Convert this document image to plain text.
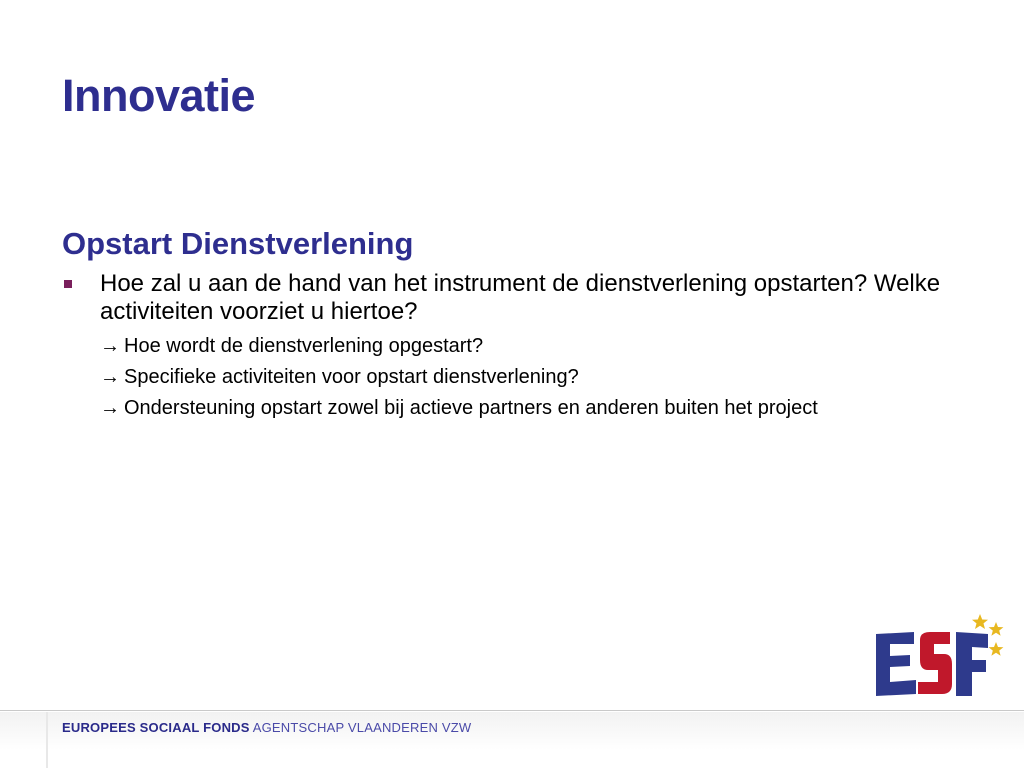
Innovatie
Opstart Dienstverlening
Hoe zal u aan de hand van het instrument de dienstverlening opstarten? Welke activiteiten voorziet u hiertoe?
→ Hoe wordt de dienstverlening opgestart?
→ Specifieke activiteiten voor opstart dienstverlening?
→ Ondersteuning opstart zowel bij actieve partners en anderen buiten het project
EUROPEES SOCIAAL FONDS AGENTSCHAP VLAANDEREN VZW
